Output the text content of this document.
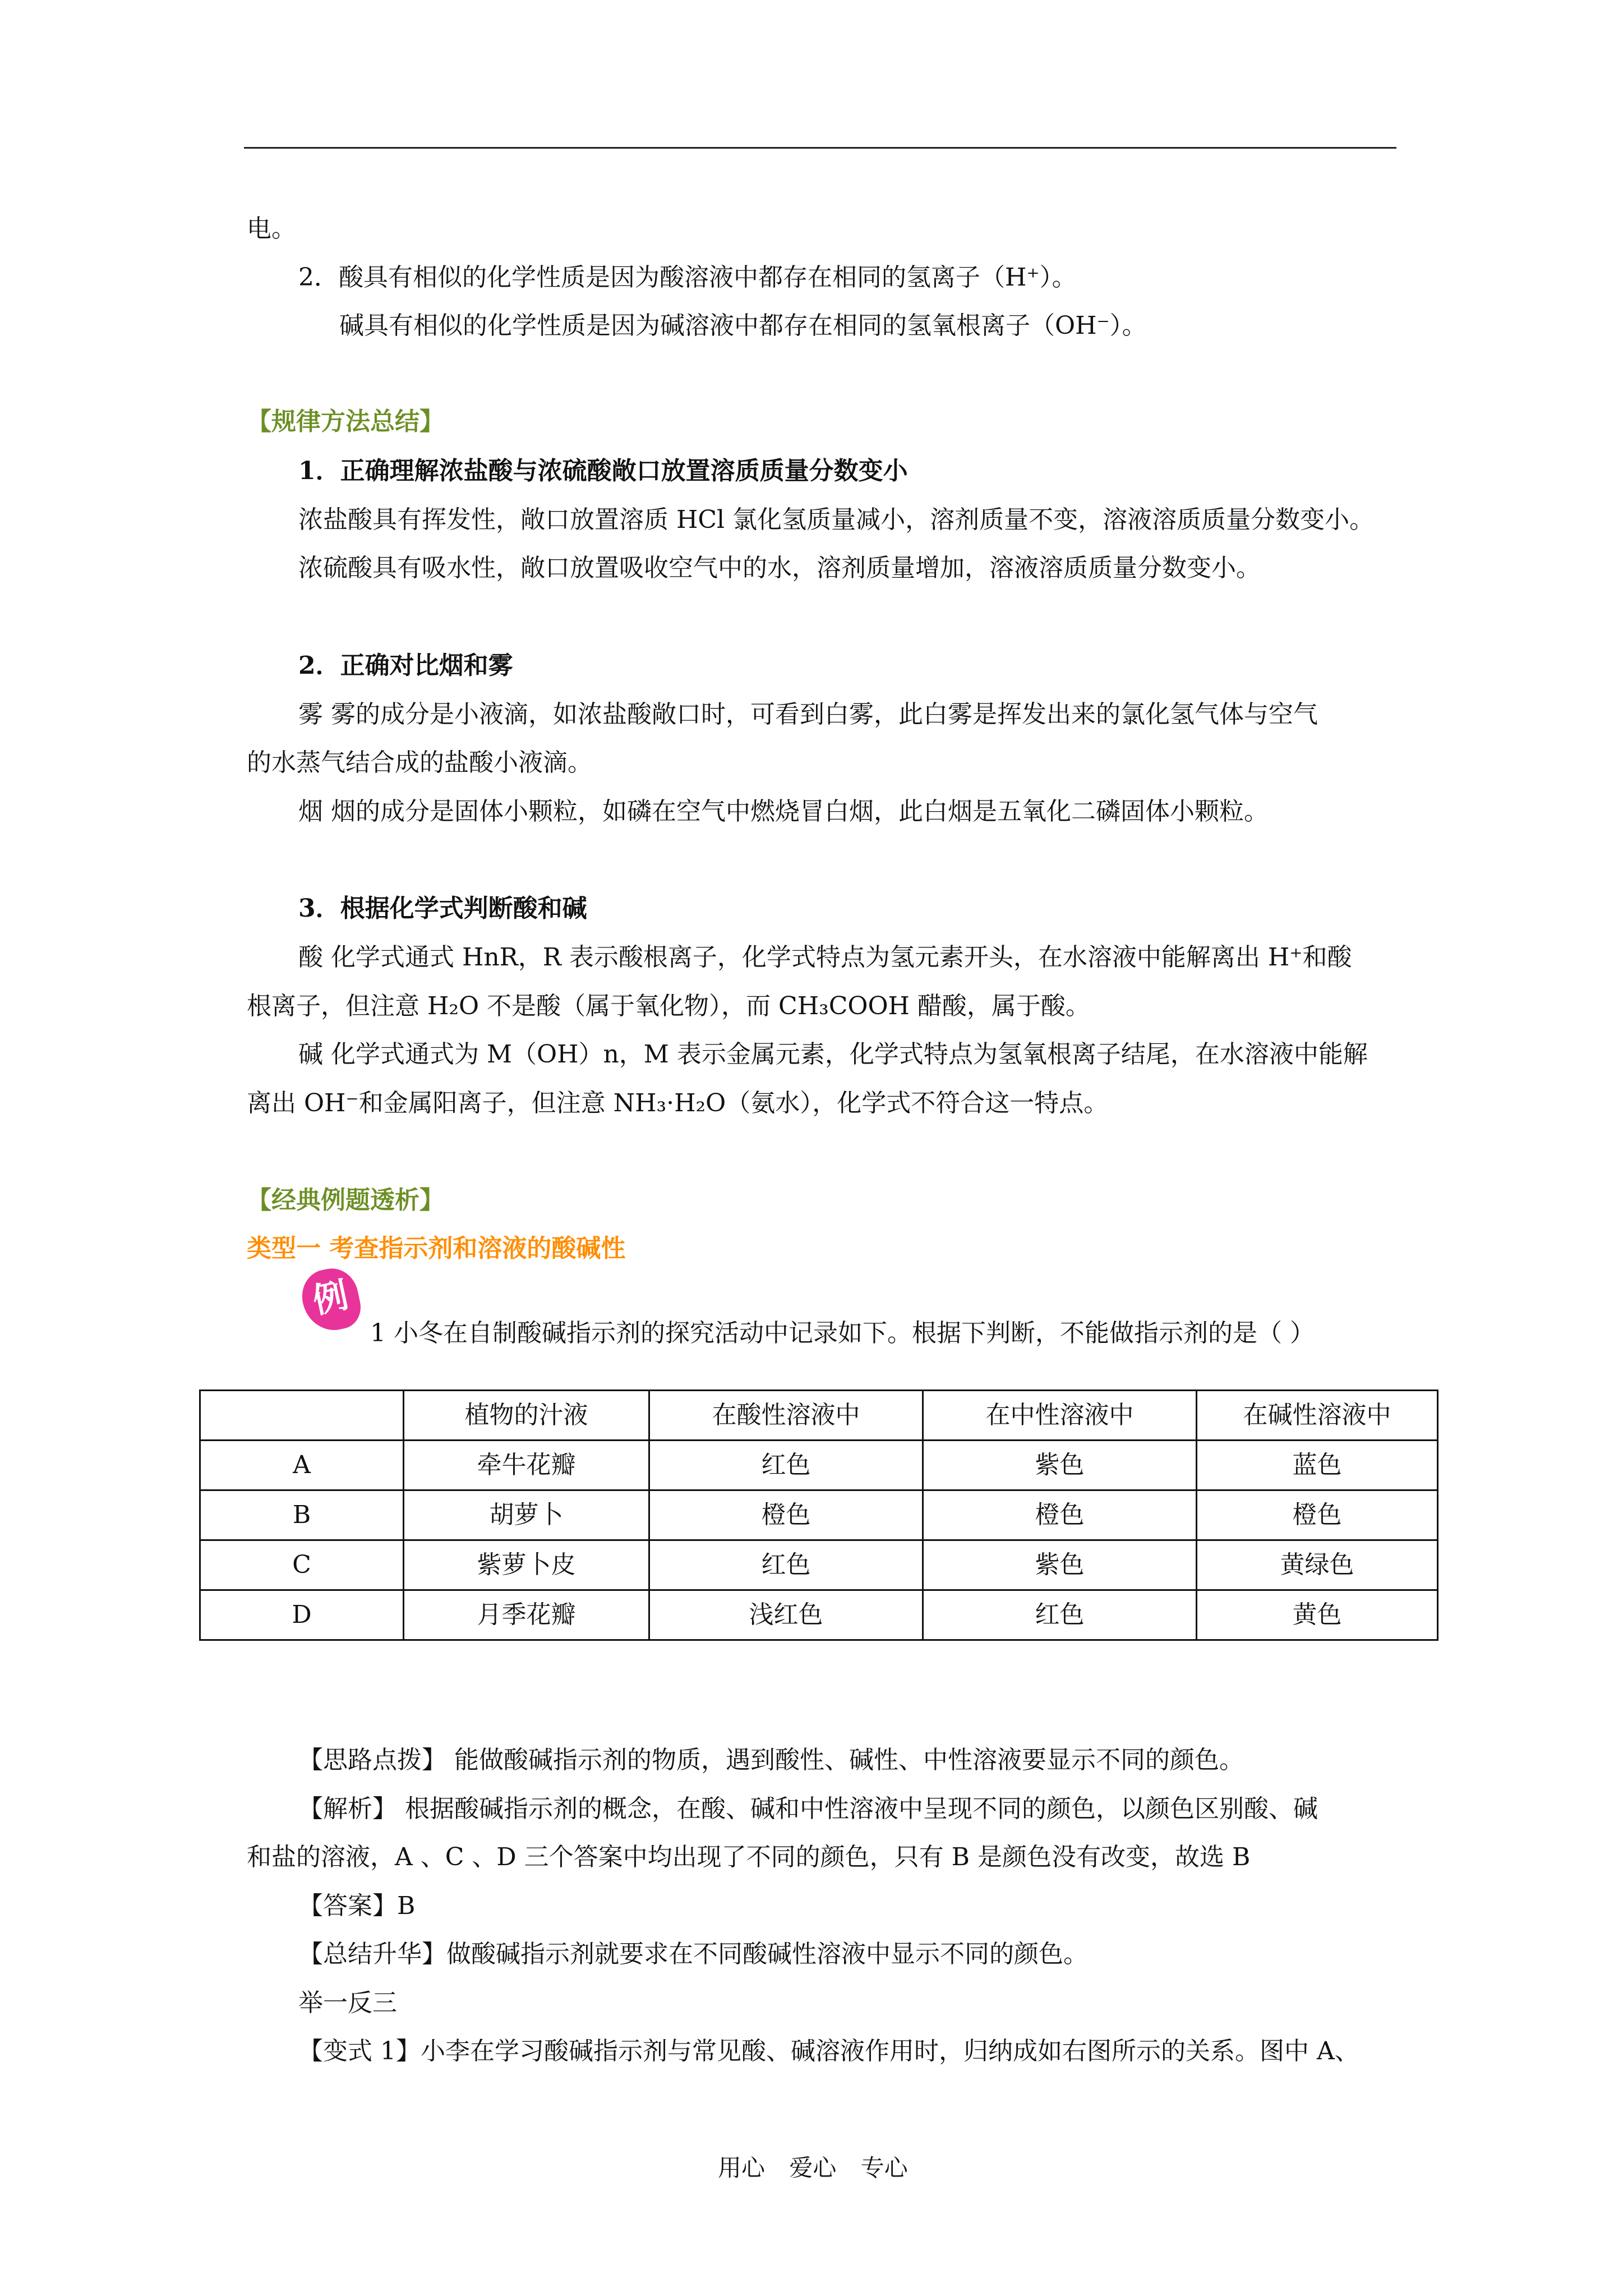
电。
2．酸具有相似的化学性质是因为酸溶液中都存在相同的氢离子（H⁺）。
碱具有相似的化学性质是因为碱溶液中都存在相同的氢氧根离子（OH⁻）。
【规律方法总结】
1．正确理解浓盐酸与浓硫酸敞口放置溶质质量分数变小
浓盐酸具有挥发性，敞口放置溶质 HCl 氯化氢质量减小，溶剂质量不变，溶液溶质质量分数变小。
浓硫酸具有吸水性，敞口放置吸收空气中的水，溶剂质量增加，溶液溶质质量分数变小。
2．正确对比烟和雾
雾 雾的成分是小液滴，如浓盐酸敞口时，可看到白雾，此白雾是挥发出来的氯化氢气体与空气
的水蒸气结合成的盐酸小液滴。
烟 烟的成分是固体小颗粒，如磷在空气中燃烧冒白烟，此白烟是五氧化二磷固体小颗粒。
3．根据化学式判断酸和碱
酸 化学式通式 HnR，R 表示酸根离子，化学式特点为氢元素开头，在水溶液中能解离出 H⁺和酸
根离子，但注意 H₂O 不是酸（属于氧化物），而 CH₃COOH 醋酸，属于酸。
碱 化学式通式为 M（OH）n，M 表示金属元素，化学式特点为氢氧根离子结尾，在水溶液中能解
离出 OH⁻和金属阳离子，但注意 NH₃·H₂O（氨水），化学式不符合这一特点。
【经典例题透析】
类型一 考查指示剂和溶液的酸碱性
例
1 小冬在自制酸碱指示剂的探究活动中记录如下。根据下判断，不能做指示剂的是（ ）
	植物的汁液	在酸性溶液中	在中性溶液中	在碱性溶液中
A	牵牛花瓣	红色	紫色	蓝色
B	胡萝卜	橙色	橙色	橙色
C	紫萝卜皮	红色	紫色	黄绿色
D	月季花瓣	浅红色	红色	黄色
【思路点拨】 能做酸碱指示剂的物质，遇到酸性、碱性、中性溶液要显示不同的颜色。
【解析】 根据酸碱指示剂的概念，在酸、碱和中性溶液中呈现不同的颜色，以颜色区别酸、碱
和盐的溶液，A 、C 、D 三个答案中均出现了不同的颜色，只有 B 是颜色没有改变，故选 B
【答案】B
【总结升华】做酸碱指示剂就要求在不同酸碱性溶液中显示不同的颜色。
举一反三
【变式 1】小李在学习酸碱指示剂与常见酸、碱溶液作用时，归纳成如右图所示的关系。图中 A、
用心 爱心 专心
